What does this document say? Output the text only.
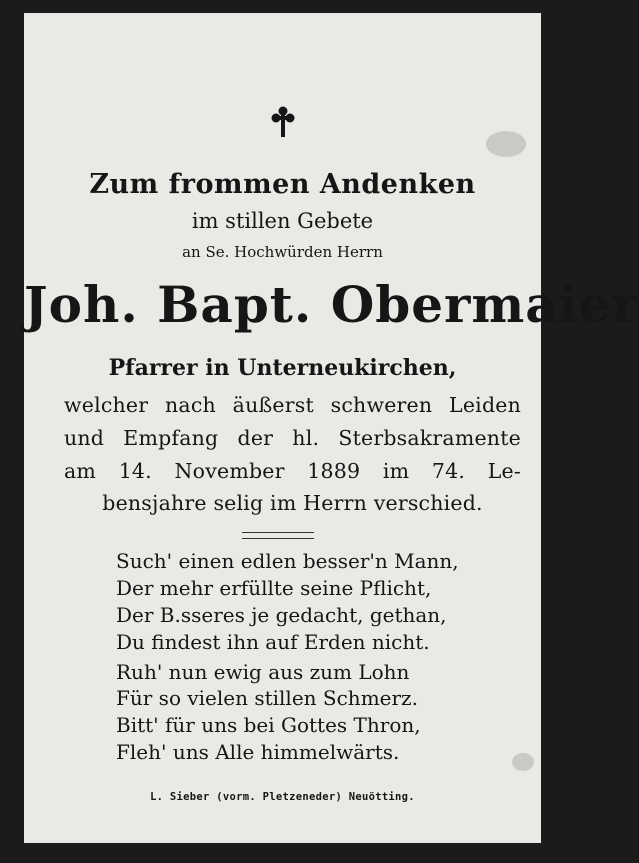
Zum frommen Andenken
im stillen Gebete
an Se. Hochwürden Herrn
Joh. Bapt. Obermaier
Pfarrer in Unterneukirchen,
welcher nach äußerst schweren Leiden
und Empfang der hl. Sterbsakramente
am 14. November 1889 im 74. Le-
bensjahre selig im Herrn verschied.
Such' einen edlen besser'n Mann,
Der mehr erfüllte seine Pflicht,
Der B.sseres je gedacht, gethan,
Du findest ihn auf Erden nicht.
Ruh' nun ewig aus zum Lohn
Für so vielen stillen Schmerz.
Bitt' für uns bei Gottes Thron,
Fleh' uns Alle himmelwärts.
L. Sieber (vorm. Pletzeneder) Neuötting.
